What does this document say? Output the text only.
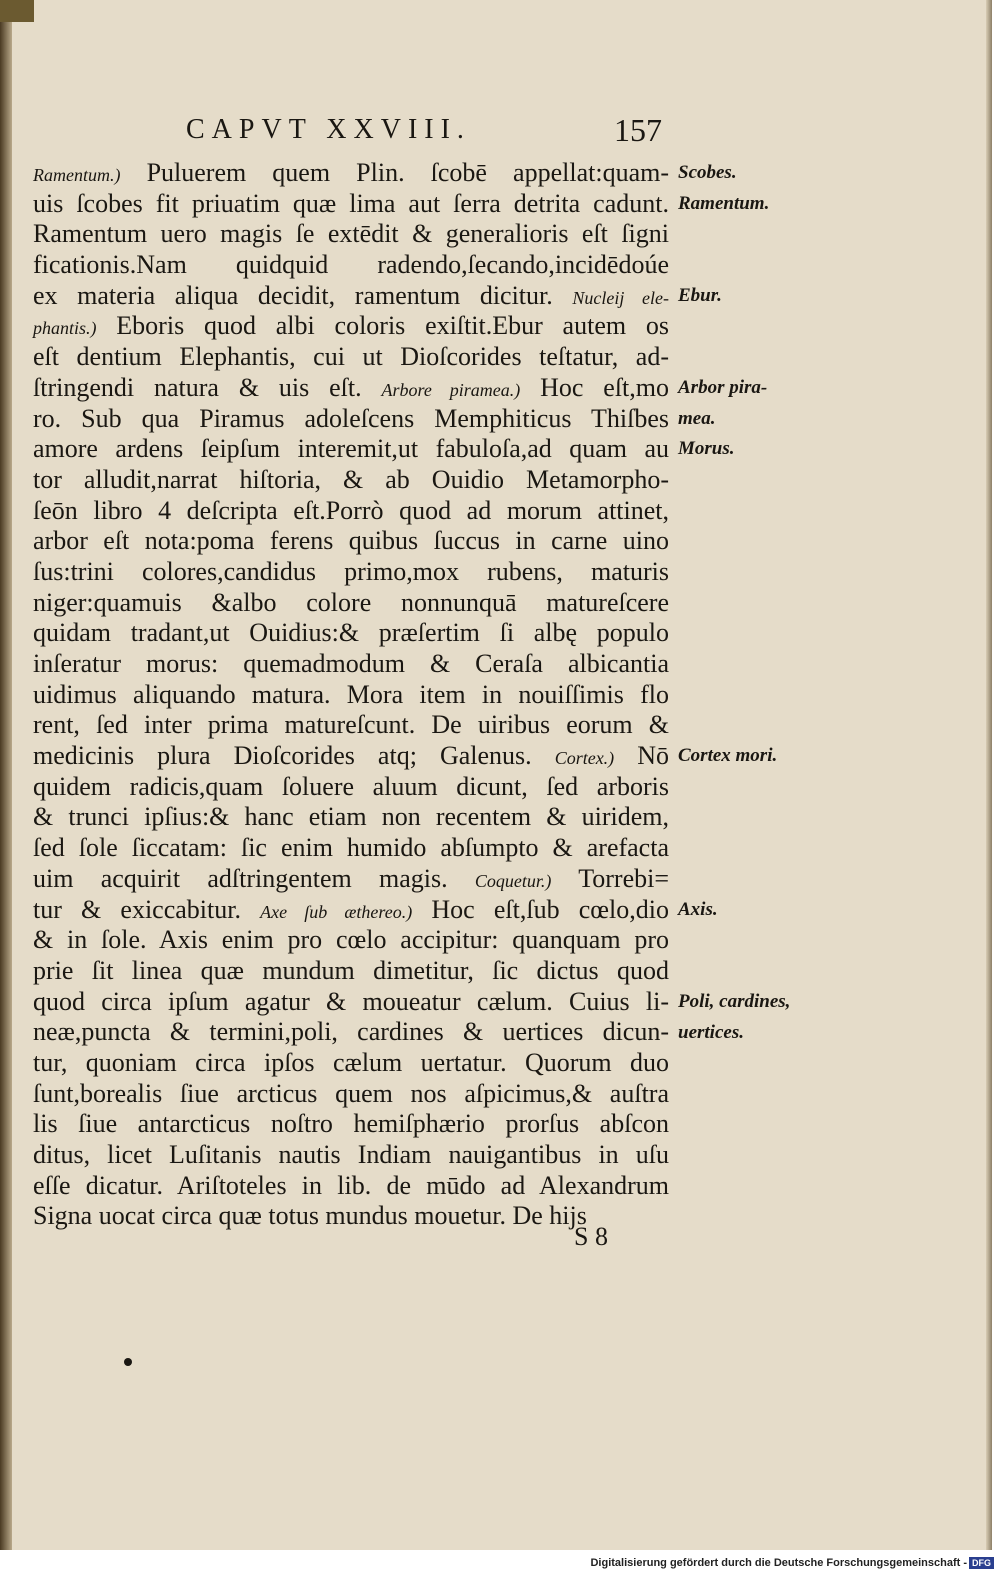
CAPVT XXVIII.	157
Ramentum.) Puluerem quem Plin. ſcobē appellat:quam-
uis ſcobes fit priuatim quæ lima aut ſerra detrita cadunt.
Ramentum uero magis ſe extēdit & generalioris eſt ſigni
ficationis.Nam quidquid radendo,ſecando,incidēdoúe
ex materia aliqua decidit, ramentum dicitur. Nucleij ele-
phantis.) Eboris quod albi coloris exiſtit.Ebur autem os
eſt dentium Elephantis, cui ut Dioſcorides teſtatur, ad-
ſtringendi natura & uis eſt. Arbore piramea.) Hoc eſt,mo
ro. Sub qua Piramus adoleſcens Memphiticus Thiſbes
amore ardens ſeipſum interemit,ut fabuloſa,ad quam au
tor alludit,narrat hiſtoria, & ab Ouidio Metamorpho-
ſeōn libro 4 deſcripta eſt.Porrò quod ad morum attinet,
arbor eſt nota:poma ferens quibus ſuccus in carne uino
ſus:trini colores,candidus primo,mox rubens, maturis
niger:quamuis &albo colore nonnunquā matureſcere
quidam tradant,ut Ouidius:& præſertim ſi albę populo
inſeratur morus: quemadmodum & Ceraſa albicantia
uidimus aliquando matura. Mora item in nouiſſimis flo
rent, ſed inter prima matureſcunt. De uiribus eorum &
medicinis plura Dioſcorides atq; Galenus. Cortex.) Nō
quidem radicis,quam ſoluere aluum dicunt, ſed arboris
& trunci ipſius:& hanc etiam non recentem & uiridem,
ſed ſole ſiccatam: ſic enim humido abſumpto & arefacta
uim acquirit adſtringentem magis. Coquetur.) Torrebi=
tur & exiccabitur. Axe ſub æthereo.) Hoc eſt,ſub cœlo,dio
& in ſole. Axis enim pro cœlo accipitur: quanquam pro
prie ſit linea quæ mundum dimetitur, ſic dictus quod
quod circa ipſum agatur & moueatur cælum. Cuius li-
neæ,puncta & termini,poli, cardines & uertices dicun-
tur, quoniam circa ipſos cælum uertatur. Quorum duo
ſunt,borealis ſiue arcticus quem nos aſpicimus,& auſtra
lis ſiue antarcticus noſtro hemiſphærio prorſus abſcon
ditus, licet Luſitanis nautis Indiam nauigantibus in uſu
eſſe dicatur. Ariſtoteles in lib. de mūdo ad Alexandrum
Signa uocat circa quæ totus mundus mouetur. De hijs
Scobes.
Ramentum.
Ebur.
Arbor pira-
mea.
Morus.
Cortex mori.
Axis.
Poli, cardines,
uertices.
S 8
Digitalisierung gefördert durch die Deutsche Forschungsgemeinschaft - DFG
